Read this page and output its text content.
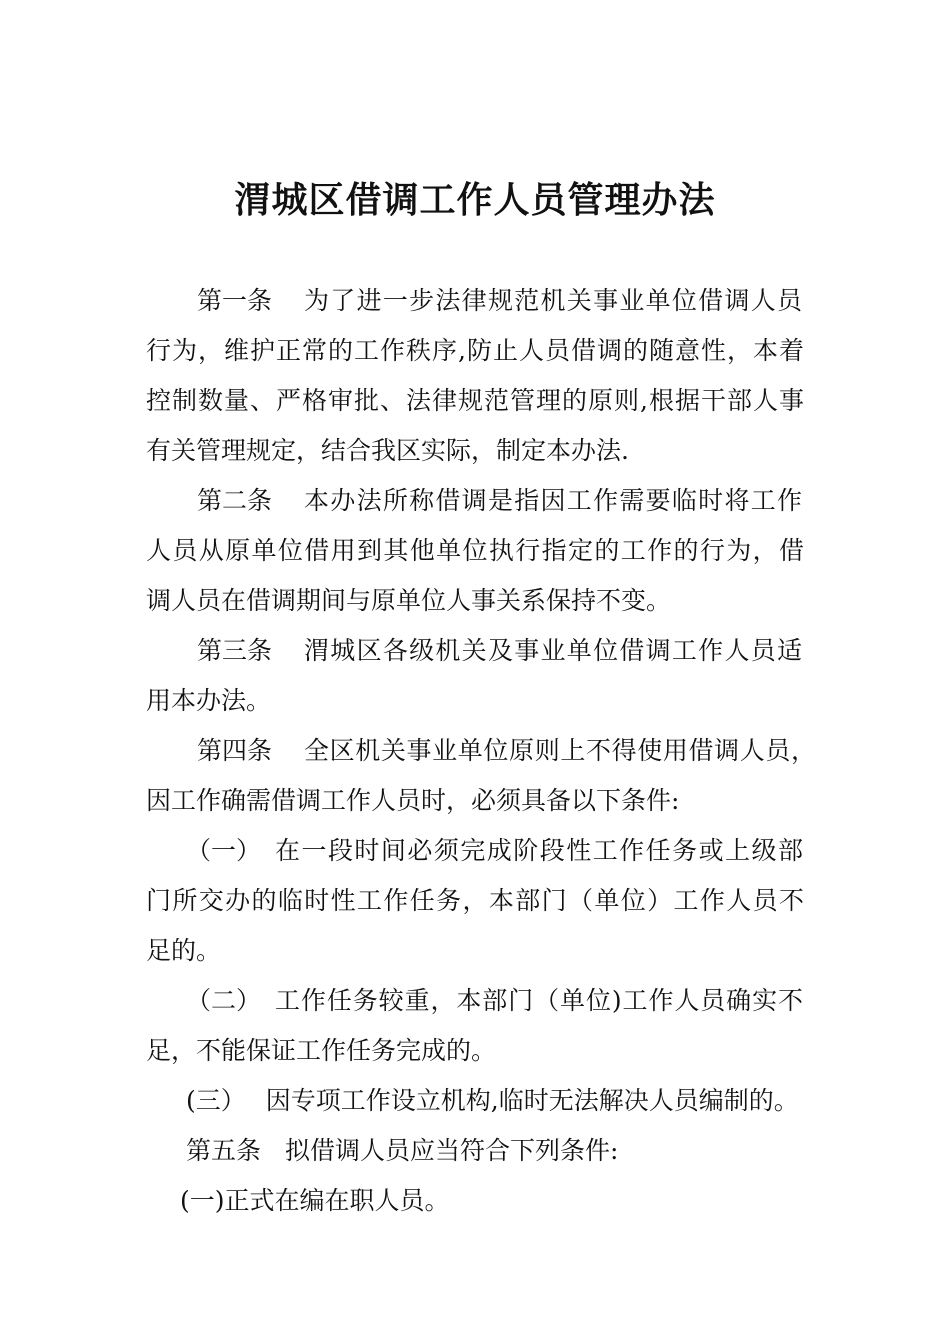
渭城区借调工作人员管理办法
第一条 为了进一步法律规范机关事业单位借调人员
行为，维护正常的工作秩序,防止人员借调的随意性，本着
控制数量、严格审批、法律规范管理的原则,根据干部人事
有关管理规定，结合我区实际，制定本办法.
第二条 本办法所称借调是指因工作需要临时将工作
人员从原单位借用到其他单位执行指定的工作的行为，借
调人员在借调期间与原单位人事关系保持不变。
第三条 渭城区各级机关及事业单位借调工作人员适
用本办法。
第四条 全区机关事业单位原则上不得使用借调人员，
因工作确需借调工作人员时，必须具备以下条件:
（一） 在一段时间必须完成阶段性工作任务或上级部
门所交办的临时性工作任务，本部门（单位）工作人员不
足的。
（二） 工作任务较重，本部门（单位)工作人员确实不
足，不能保证工作任务完成的。
(三） 因专项工作设立机构,临时无法解决人员编制的。
第五条 拟借调人员应当符合下列条件:
(一)正式在编在职人员。
